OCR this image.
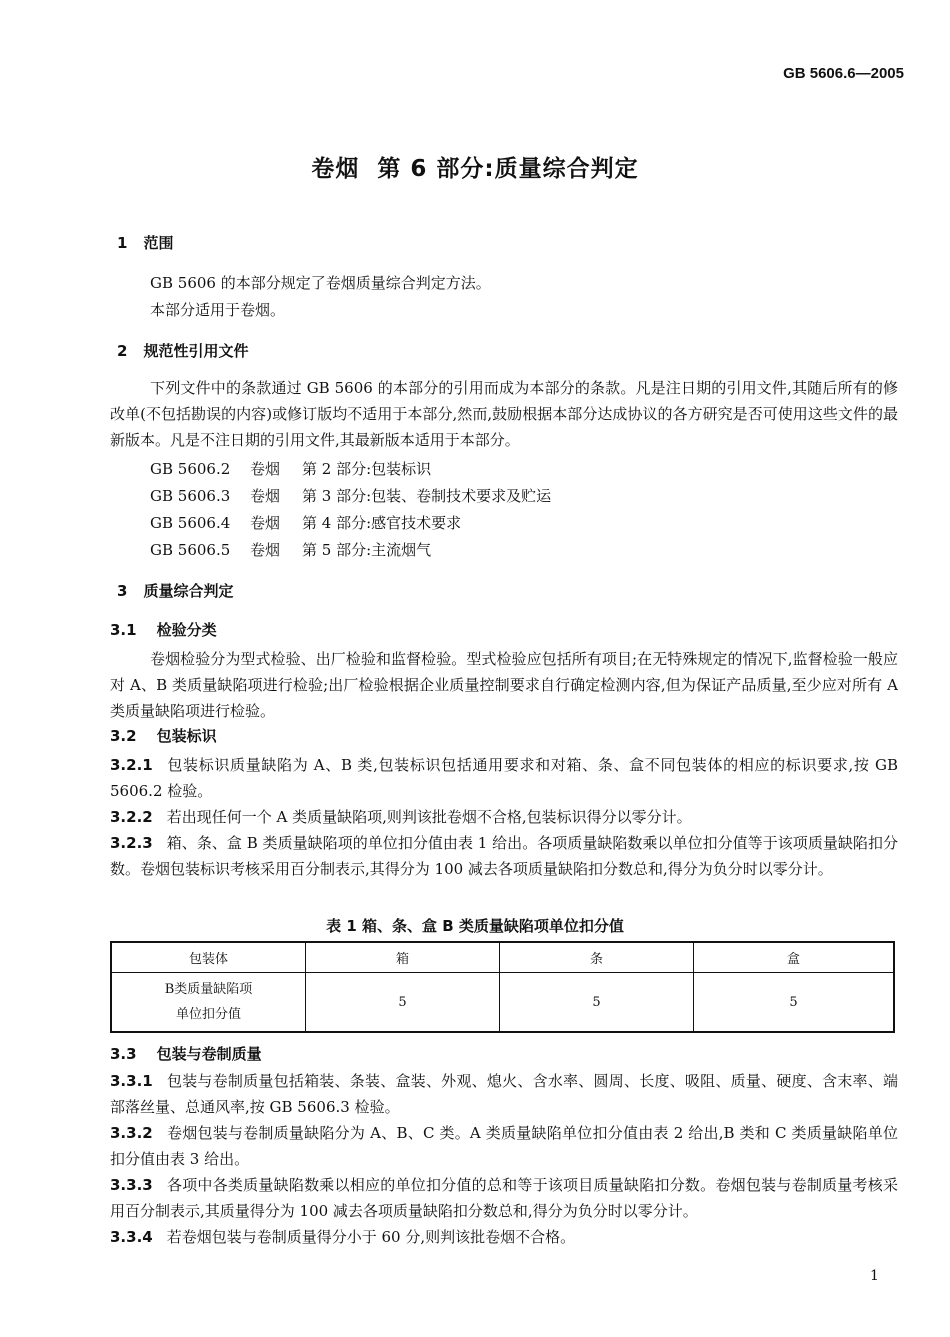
GB 5606.6—2005
卷烟  第 6 部分:质量综合判定
1 范围
GB 5606 的本部分规定了卷烟质量综合判定方法。
本部分适用于卷烟。
2 规范性引用文件
下列文件中的条款通过 GB 5606 的本部分的引用而成为本部分的条款。凡是注日期的引用文件,其随后所有的修改单(不包括勘误的内容)或修订版均不适用于本部分,然而,鼓励根据本部分达成协议的各方研究是否可使用这些文件的最新版本。凡是不注日期的引用文件,其最新版本适用于本部分。
GB 5606.2 卷烟 第 2 部分:包装标识
GB 5606.3 卷烟 第 3 部分:包装、卷制技术要求及贮运
GB 5606.4 卷烟 第 4 部分:感官技术要求
GB 5606.5 卷烟 第 5 部分:主流烟气
3 质量综合判定
3.1 检验分类
卷烟检验分为型式检验、出厂检验和监督检验。型式检验应包括所有项目;在无特殊规定的情况下,监督检验一般应对 A、B 类质量缺陷项进行检验;出厂检验根据企业质量控制要求自行确定检测内容,但为保证产品质量,至少应对所有 A 类质量缺陷项进行检验。
3.2 包装标识
3.2.1 包装标识质量缺陷为 A、B 类,包装标识包括通用要求和对箱、条、盒不同包装体的相应的标识要求,按 GB 5606.2 检验。
3.2.2 若出现任何一个 A 类质量缺陷项,则判该批卷烟不合格,包装标识得分以零分计。
3.2.3 箱、条、盒 B 类质量缺陷项的单位扣分值由表 1 给出。各项质量缺陷数乘以单位扣分值等于该项质量缺陷扣分数。卷烟包装标识考核采用百分制表示,其得分为 100 减去各项质量缺陷扣分数总和,得分为负分时以零分计。
表 1 箱、条、盒 B 类质量缺陷项单位扣分值
包装体	箱	条	盒

B类质量缺陷项
单位扣分值	5	5	5
3.3 包装与卷制质量
3.3.1 包装与卷制质量包括箱装、条装、盒装、外观、熄火、含水率、圆周、长度、吸阻、质量、硬度、含末率、端部落丝量、总通风率,按 GB 5606.3 检验。
3.3.2 卷烟包装与卷制质量缺陷分为 A、B、C 类。A 类质量缺陷单位扣分值由表 2 给出,B 类和 C 类质量缺陷单位扣分值由表 3 给出。
3.3.3 各项中各类质量缺陷数乘以相应的单位扣分值的总和等于该项目质量缺陷扣分数。卷烟包装与卷制质量考核采用百分制表示,其质量得分为 100 减去各项质量缺陷扣分数总和,得分为负分时以零分计。
3.3.4 若卷烟包装与卷制质量得分小于 60 分,则判该批卷烟不合格。
1
